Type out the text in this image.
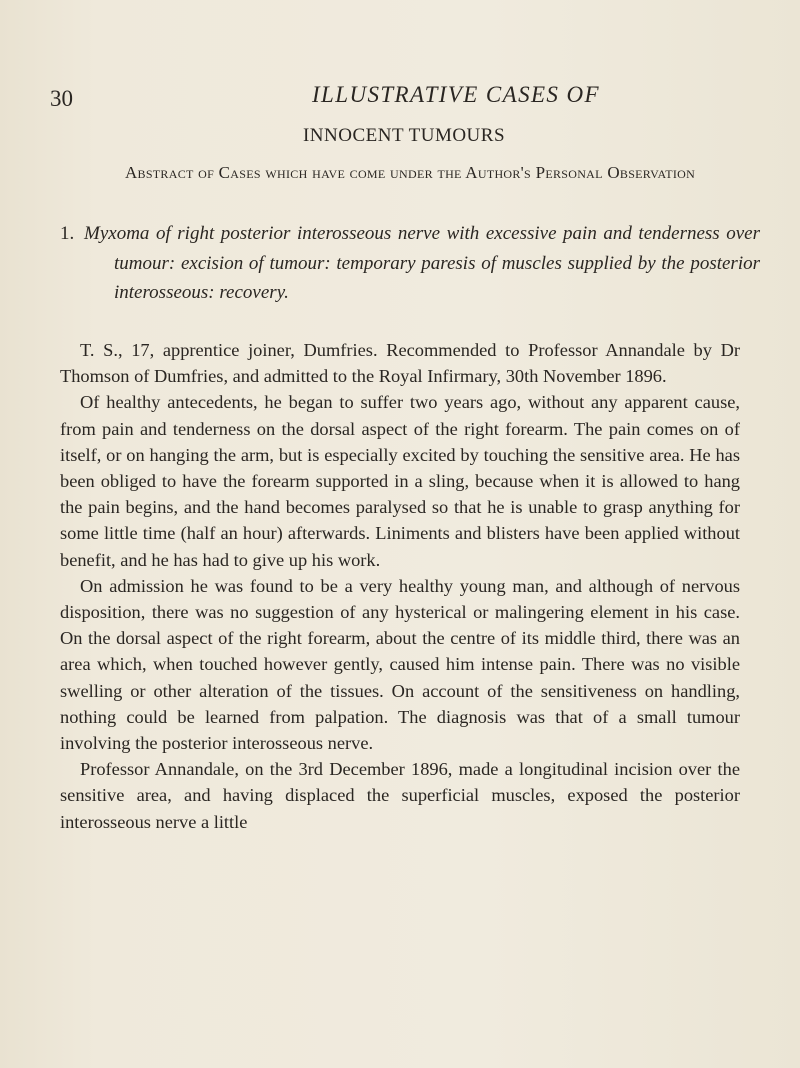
30	ILLUSTRATIVE CASES OF
INNOCENT TUMOURS
Abstract of Cases which have come under the Author's Personal Observation
1. Myxoma of right posterior interosseous nerve with excessive pain and tenderness over tumour: excision of tumour: temporary paresis of muscles supplied by the posterior interosseous: recovery.

T. S., 17, apprentice joiner, Dumfries. Recommended to Professor Annandale by Dr Thomson of Dumfries, and admitted to the Royal Infirmary, 30th November 1896.

Of healthy antecedents, he began to suffer two years ago, without any apparent cause, from pain and tenderness on the dorsal aspect of the right forearm. The pain comes on of itself, or on hanging the arm, but is especially excited by touching the sensitive area. He has been obliged to have the forearm supported in a sling, because when it is allowed to hang the pain begins, and the hand becomes paralysed so that he is unable to grasp anything for some little time (half an hour) afterwards. Liniments and blisters have been applied without benefit, and he has had to give up his work.

On admission he was found to be a very healthy young man, and although of nervous disposition, there was no suggestion of any hysterical or malingering element in his case. On the dorsal aspect of the right forearm, about the centre of its middle third, there was an area which, when touched however gently, caused him intense pain. There was no visible swelling or other alteration of the tissues. On account of the sensitiveness on handling, nothing could be learned from palpation. The diagnosis was that of a small tumour involving the posterior interosseous nerve.

Professor Annandale, on the 3rd December 1896, made a longitudinal incision over the sensitive area, and having displaced the superficial muscles, exposed the posterior interosseous nerve a little
